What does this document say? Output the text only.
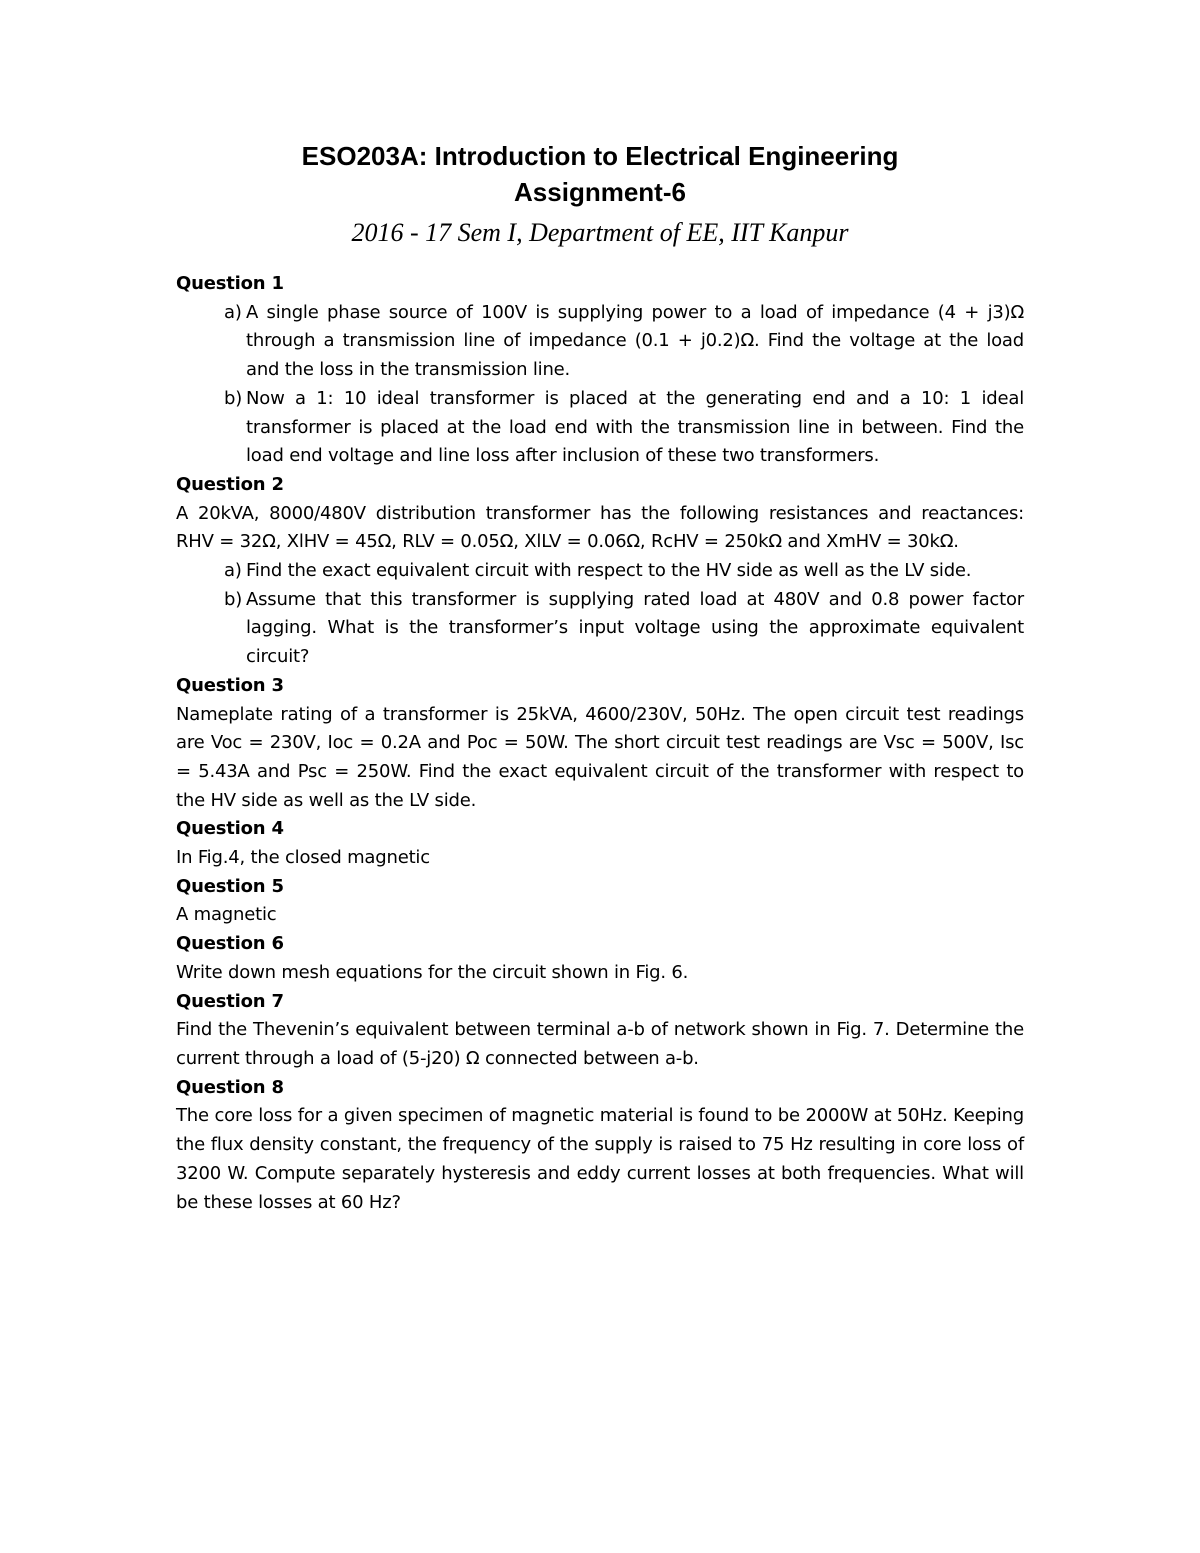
ESO203A: Introduction to Electrical Engineering
Assignment-6
2016 - 17 Sem I, Department of EE, IIT Kanpur

Question 1

a) A single phase source of 100V is supplying power to a load of impedance (4 + j3)Ω through a transmission line of impedance (0.1 + j0.2)Ω. Find the voltage at the load and the loss in the transmission line.
b) Now a 1: 10 ideal transformer is placed at the generating end and a 10: 1 ideal transformer is placed at the load end with the transmission line in between. Find the load end voltage and line loss after inclusion of these two transformers.

Question 2

A 20kVA, 8000/480V distribution transformer has the following resistances and reactances: RHV = 32Ω, XlHV = 45Ω, RLV = 0.05Ω, XlLV = 0.06Ω, RcHV = 250kΩ and XmHV = 30kΩ.

a) Find the exact equivalent circuit with respect to the HV side as well as the LV side.
b) Assume that this transformer is supplying rated load at 480V and 0.8 power factor lagging. What is the transformer’s input voltage using the approximate equivalent circuit?

Question 3

Nameplate rating of a transformer is 25kVA, 4600/230V, 50Hz. The open circuit test readings are Voc = 230V, Ioc = 0.2A and Poc = 50W. The short circuit test readings are Vsc = 500V, Isc = 5.43A and Psc = 250W. Find the exact equivalent circuit of the transformer with respect to the HV side as well as the LV side.

Question 4

In Fig.4, the closed magnetic

Question 5

A magnetic

Question 6

Write down mesh equations for the circuit shown in Fig. 6.

Question 7

Find the Thevenin’s equivalent between terminal a-b of network shown in Fig. 7. Determine the current through a load of (5-j20) Ω connected between a-b.

Question 8

The core loss for a given specimen of magnetic material is found to be 2000W at 50Hz. Keeping the flux density constant, the frequency of the supply is raised to 75 Hz resulting in core loss of 3200 W. Compute separately hysteresis and eddy current losses at both frequencies. What will be these losses at 60 Hz?
